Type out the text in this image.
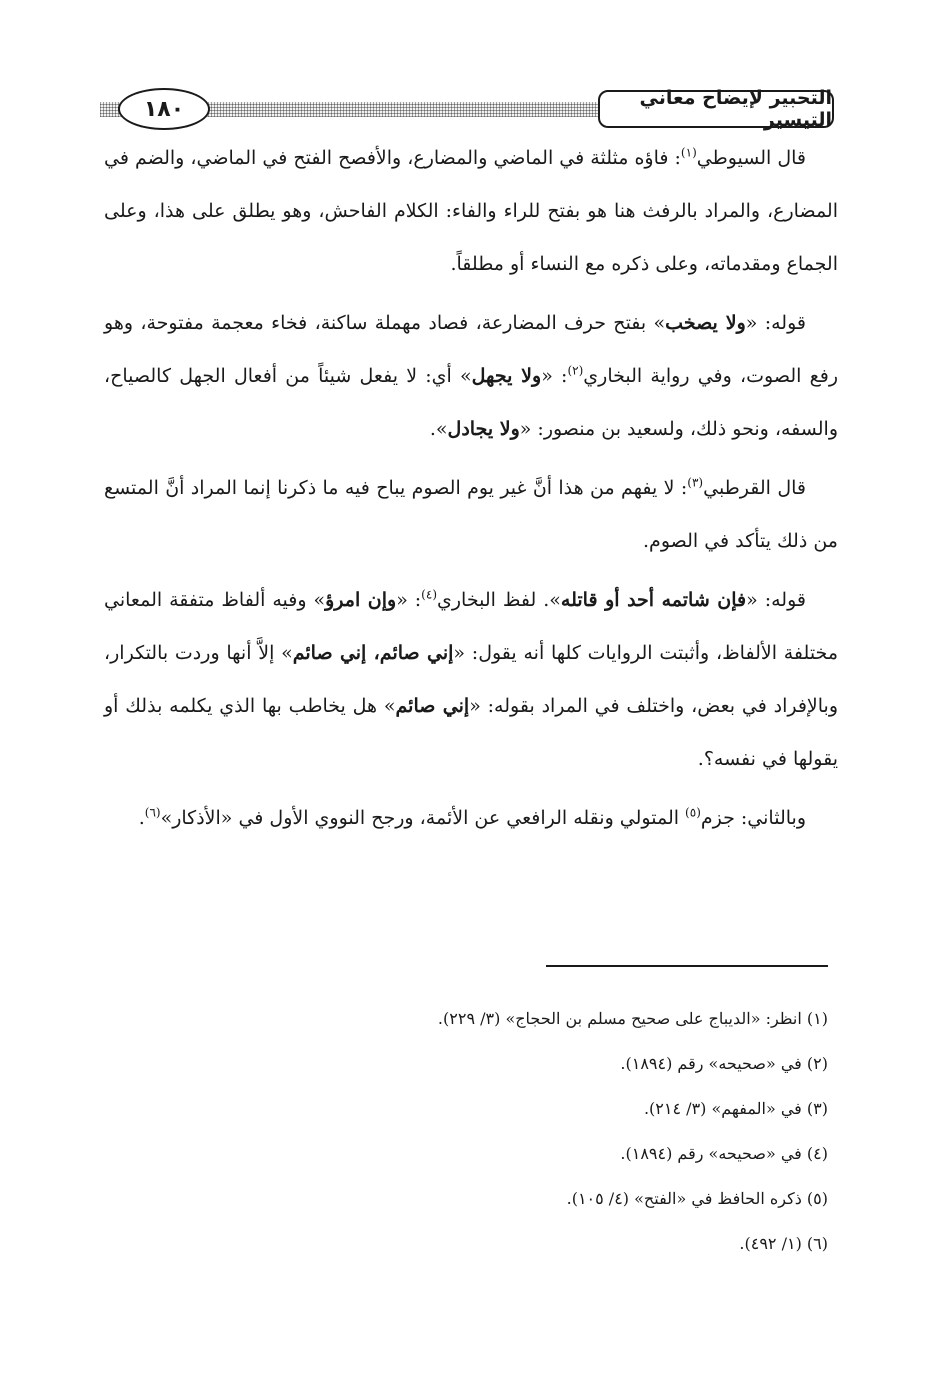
التحبير لإيضاح معاني التيسير
١٨٠

قال السيوطي$^{(١)}$: فاؤه مثلثة في الماضي والمضارع، والأفصح الفتح في الماضي، والضم في المضارع، والمراد بالرفث هنا هو بفتح للراء والفاء: الكلام الفاحش، وهو يطلق على هذا، وعلى الجماع ومقدماته، وعلى ذكره مع النساء أو مطلقاً.

قوله: «ولا يصخب» بفتح حرف المضارعة، فصاد مهملة ساكنة، فخاء معجمة مفتوحة، وهو رفع الصوت، وفي رواية البخاري$^{(٢)}$: «ولا يجهل» أي: لا يفعل شيئاً من أفعال الجهل كالصياح، والسفه، ونحو ذلك، ولسعيد بن منصور: «ولا يجادل».

قال القرطبي$^{(٣)}$: لا يفهم من هذا أنَّ غير يوم الصوم يباح فيه ما ذكرنا إنما المراد أنَّ المتسع من ذلك يتأكد في الصوم.

قوله: «فإن شاتمه أحد أو قاتله». لفظ البخاري$^{(٤)}$: «وإن امرؤ» وفيه ألفاظ متفقة المعاني مختلفة الألفاظ، وأثبتت الروايات كلها أنه يقول: «إني صائم، إني صائم» إلاَّ أنها وردت بالتكرار، وبالإفراد في بعض، واختلف في المراد بقوله: «إني صائم» هل يخاطب بها الذي يكلمه بذلك أو يقولها في نفسه؟.

وبالثاني: جزم$^{(٥)}$ المتولي ونقله الرافعي عن الأئمة، ورجح النووي الأول في «الأذكار»$^{(٦)}$.

(١) انظر: «الديباج على صحيح مسلم بن الحجاج» (٣/ ٢٢٩).

(٢) في «صحيحه» رقم (١٨٩٤).

(٣) في «المفهم» (٣/ ٢١٤).

(٤) في «صحيحه» رقم (١٨٩٤).

(٥) ذكره الحافظ في «الفتح» (٤/ ١٠٥).

(٦) (١/ ٤٩٢).
